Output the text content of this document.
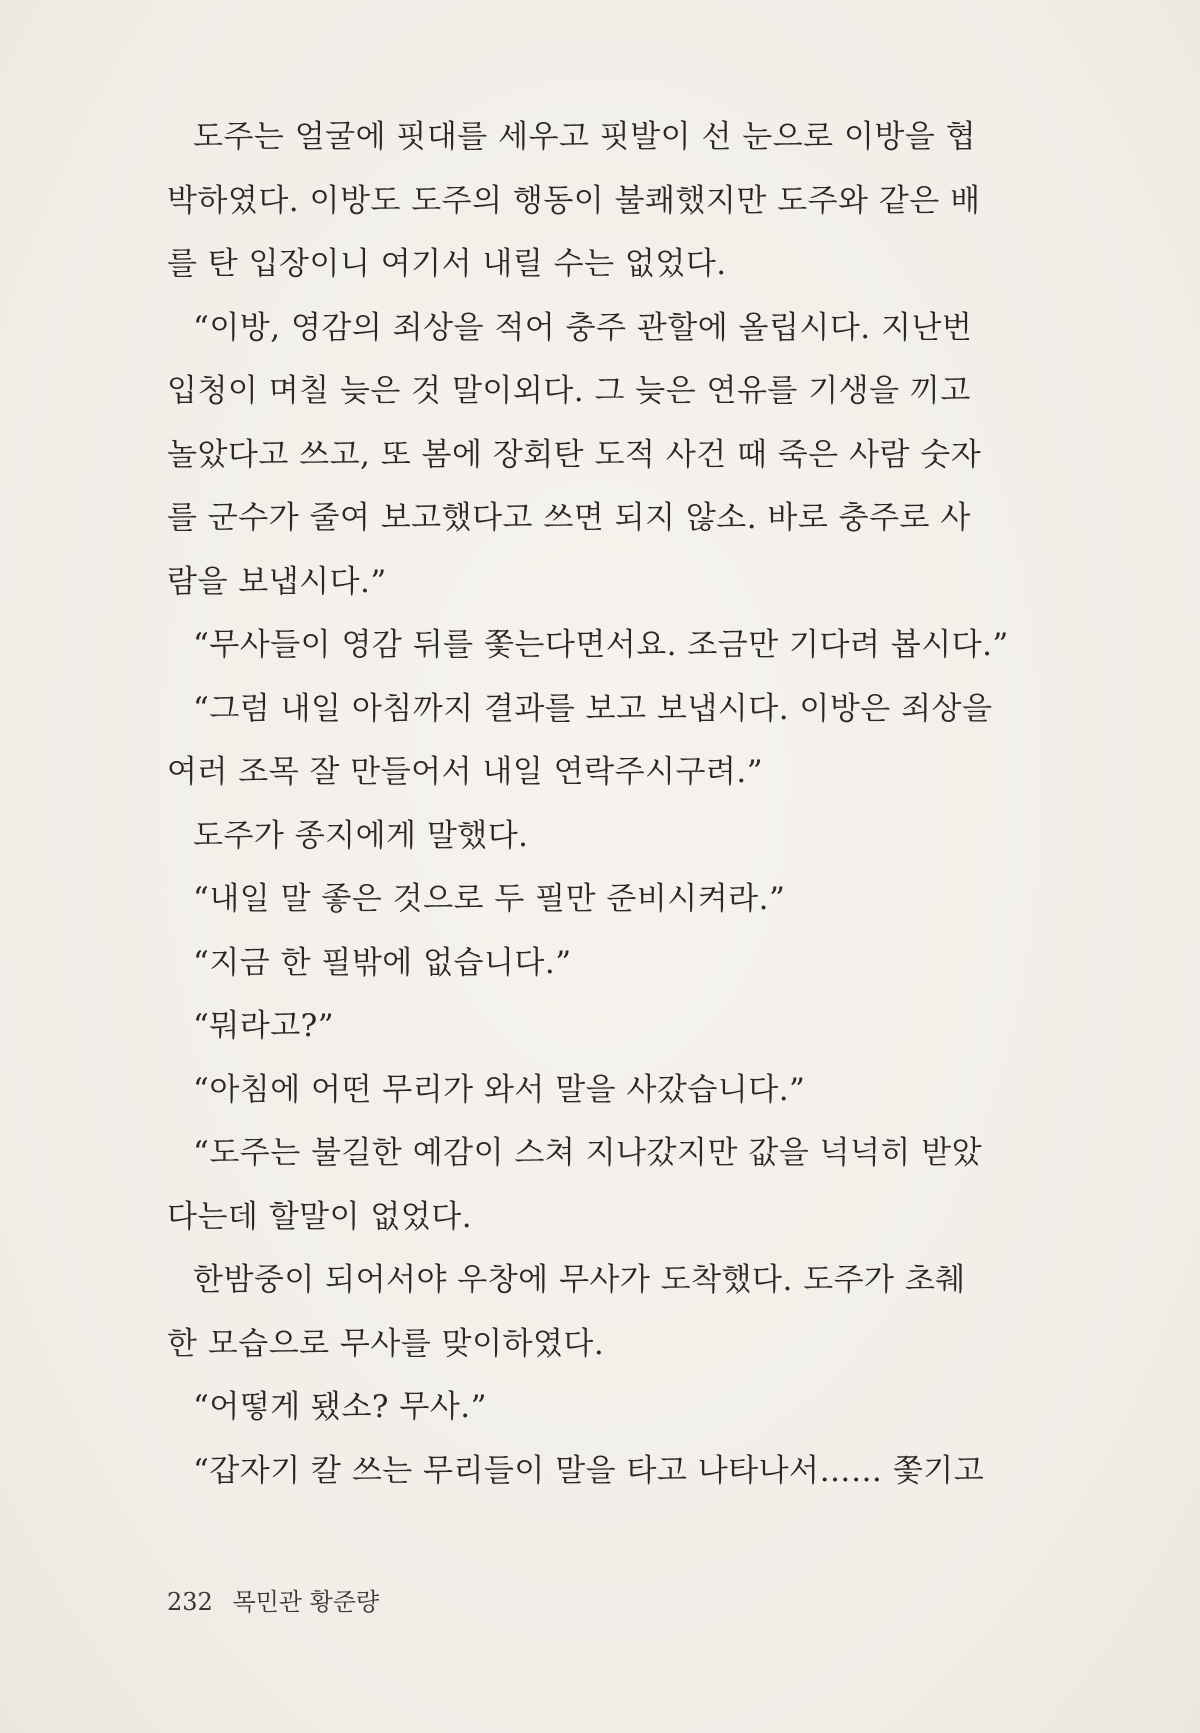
도주는 얼굴에 핏대를 세우고 핏발이 선 눈으로 이방을 협
박하였다. 이방도 도주의 행동이 불쾌했지만 도주와 같은 배
를 탄 입장이니 여기서 내릴 수는 없었다.
“이방, 영감의 죄상을 적어 충주 관할에 올립시다. 지난번
입청이 며칠 늦은 것 말이외다. 그 늦은 연유를 기생을 끼고
놀았다고 쓰고, 또 봄에 장회탄 도적 사건 때 죽은 사람 숫자
를 군수가 줄여 보고했다고 쓰면 되지 않소. 바로 충주로 사
람을 보냅시다.”
“무사들이 영감 뒤를 쫓는다면서요. 조금만 기다려 봅시다.”
“그럼 내일 아침까지 결과를 보고 보냅시다. 이방은 죄상을
여러 조목 잘 만들어서 내일 연락주시구려.”
도주가 종지에게 말했다.
“내일 말 좋은 것으로 두 필만 준비시켜라.”
“지금 한 필밖에 없습니다.”
“뭐라고?”
“아침에 어떤 무리가 와서 말을 사갔습니다.”
“도주는 불길한 예감이 스쳐 지나갔지만 값을 넉넉히 받았
다는데 할말이 없었다.
한밤중이 되어서야 우창에 무사가 도착했다. 도주가 초췌
한 모습으로 무사를 맞이하였다.
“어떻게 됐소? 무사.”
“갑자기 칼 쓰는 무리들이 말을 타고 나타나서…… 쫓기고
232 목민관 황준량
